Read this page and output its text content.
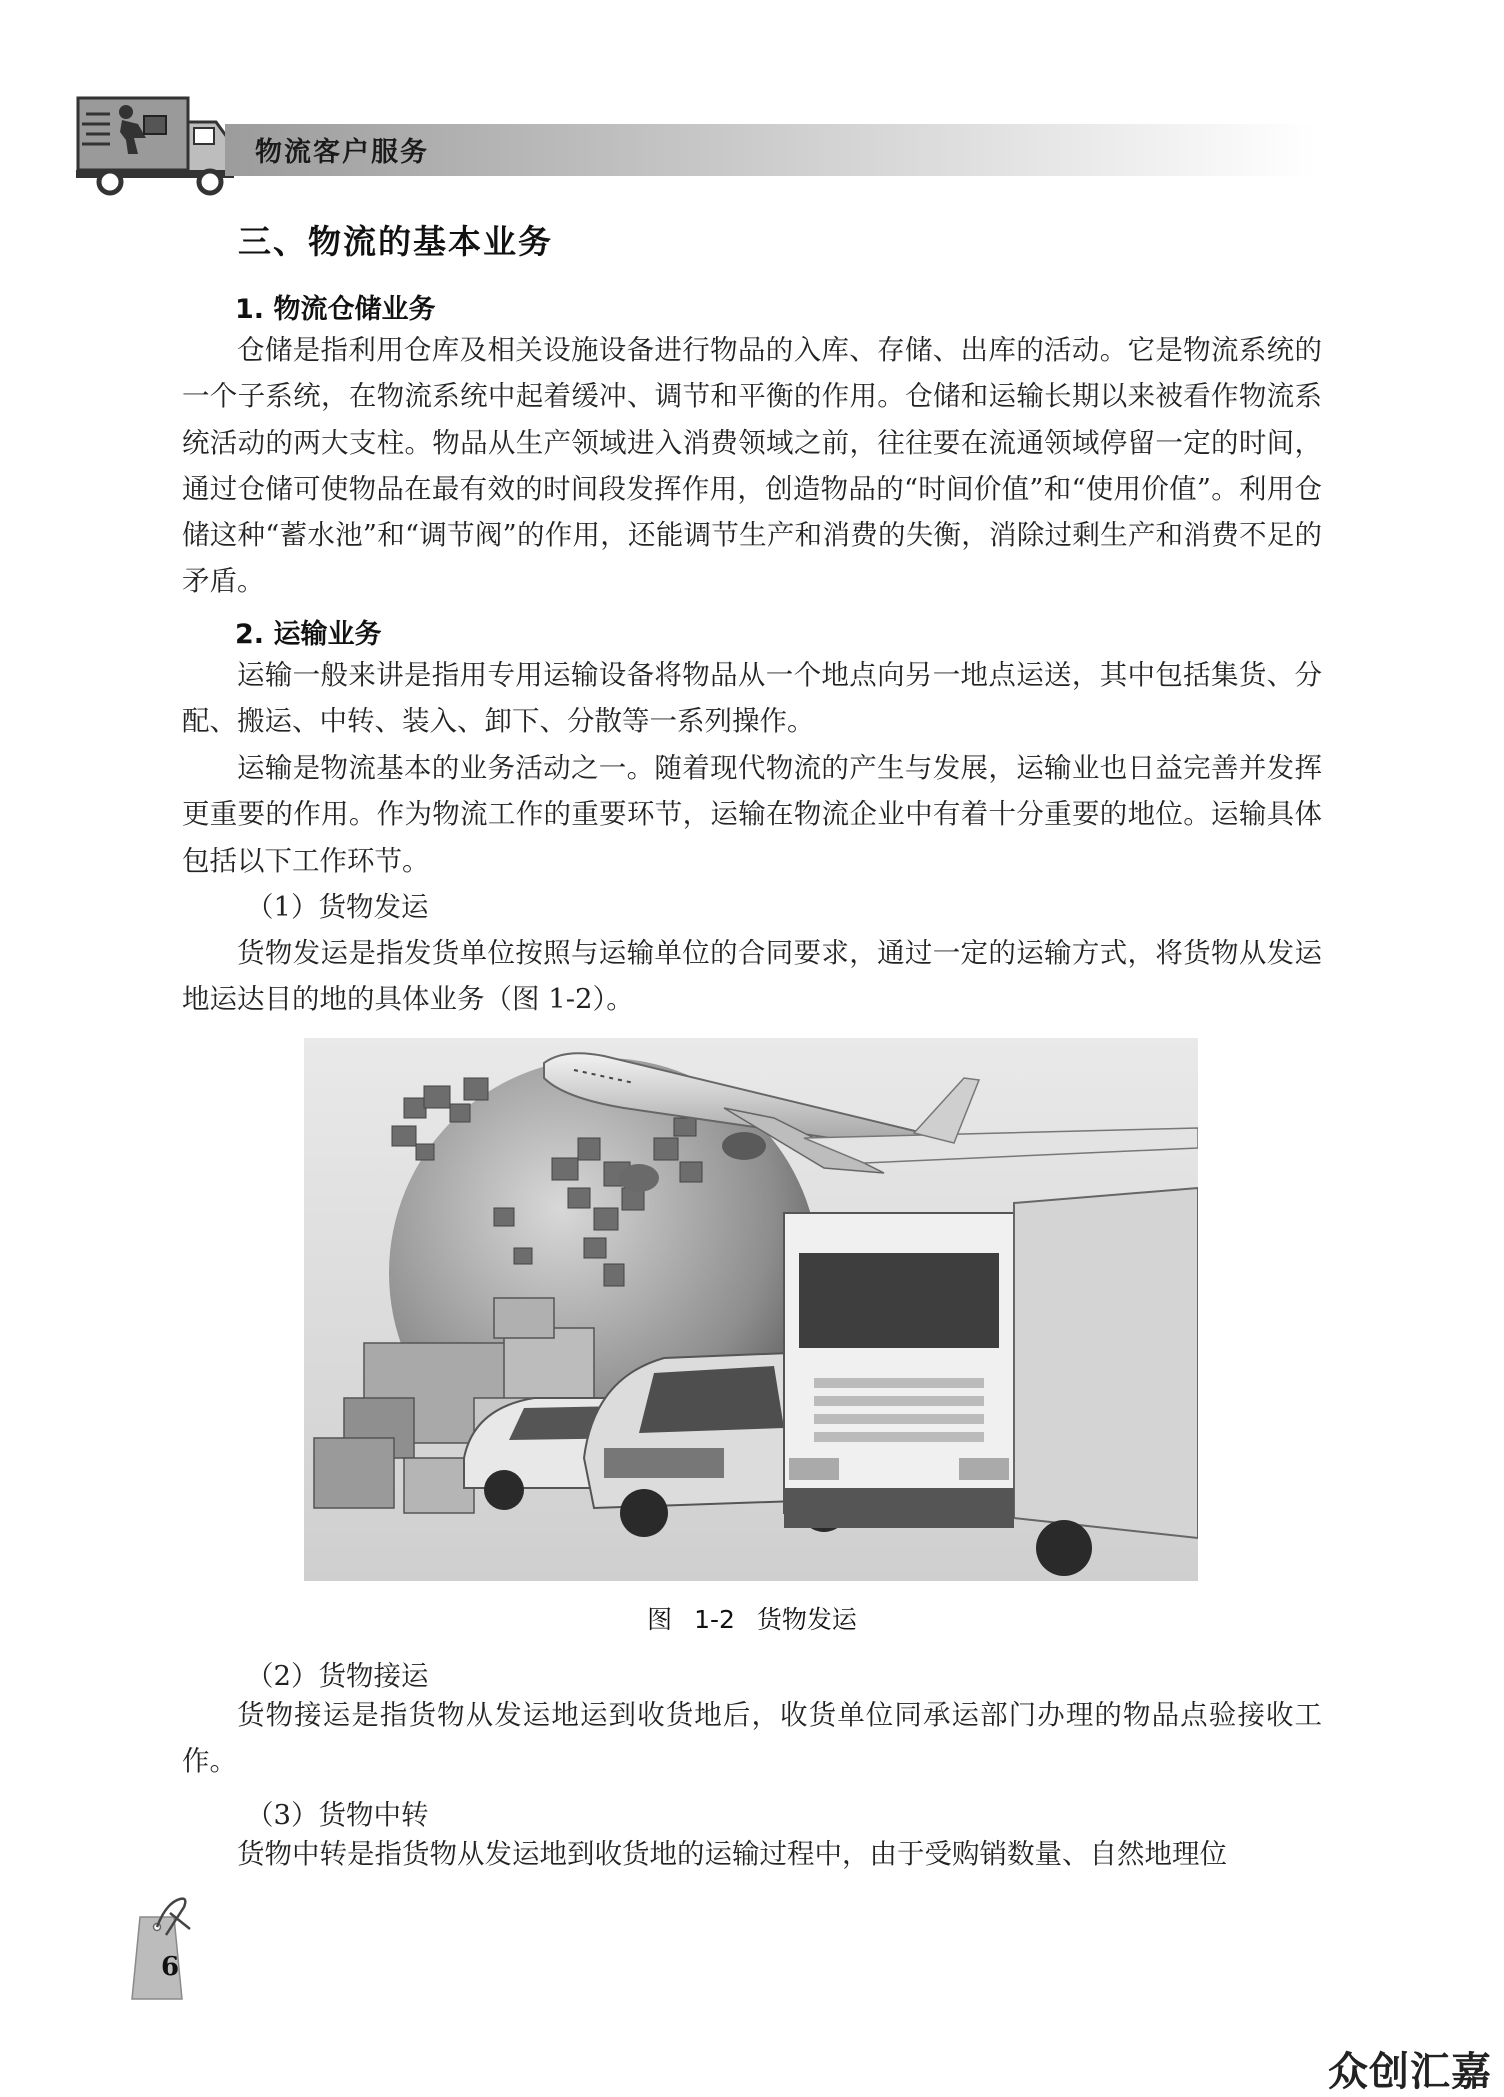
物流客户服务
三、物流的基本业务
1. 物流仓储业务

仓储是指利用仓库及相关设施设备进行物品的入库、存储、出库的活动。它是物流系统的一个子系统，在物流系统中起着缓冲、调节和平衡的作用。仓储和运输长期以来被看作物流系统活动的两大支柱。物品从生产领域进入消费领域之前，往往要在流通领域停留一定的时间，通过仓储可使物品在最有效的时间段发挥作用，创造物品的“时间价值”和“使用价值”。利用仓储这种“蓄水池”和“调节阀”的作用，还能调节生产和消费的失衡，消除过剩生产和消费不足的矛盾。

2. 运输业务

运输一般来讲是指用专用运输设备将物品从一个地点向另一地点运送，其中包括集货、分配、搬运、中转、装入、卸下、分散等一系列操作。

运输是物流基本的业务活动之一。随着现代物流的产生与发展，运输业也日益完善并发挥更重要的作用。作为物流工作的重要环节，运输在物流企业中有着十分重要的地位。运输具体包括以下工作环节。

（1）货物发运

货物发运是指发货单位按照与运输单位的合同要求，通过一定的运输方式，将货物从发运地运达目的地的具体业务（图 1-2）。

图 1-2 货物发运
（2）货物接运

货物接运是指货物从发运地运到收货地后，收货单位同承运部门办理的物品点验接收工作。

（3）货物中转

货物中转是指货物从发运地到收货地的运输过程中，由于受购销数量、自然地理位

6
众创汇嘉
